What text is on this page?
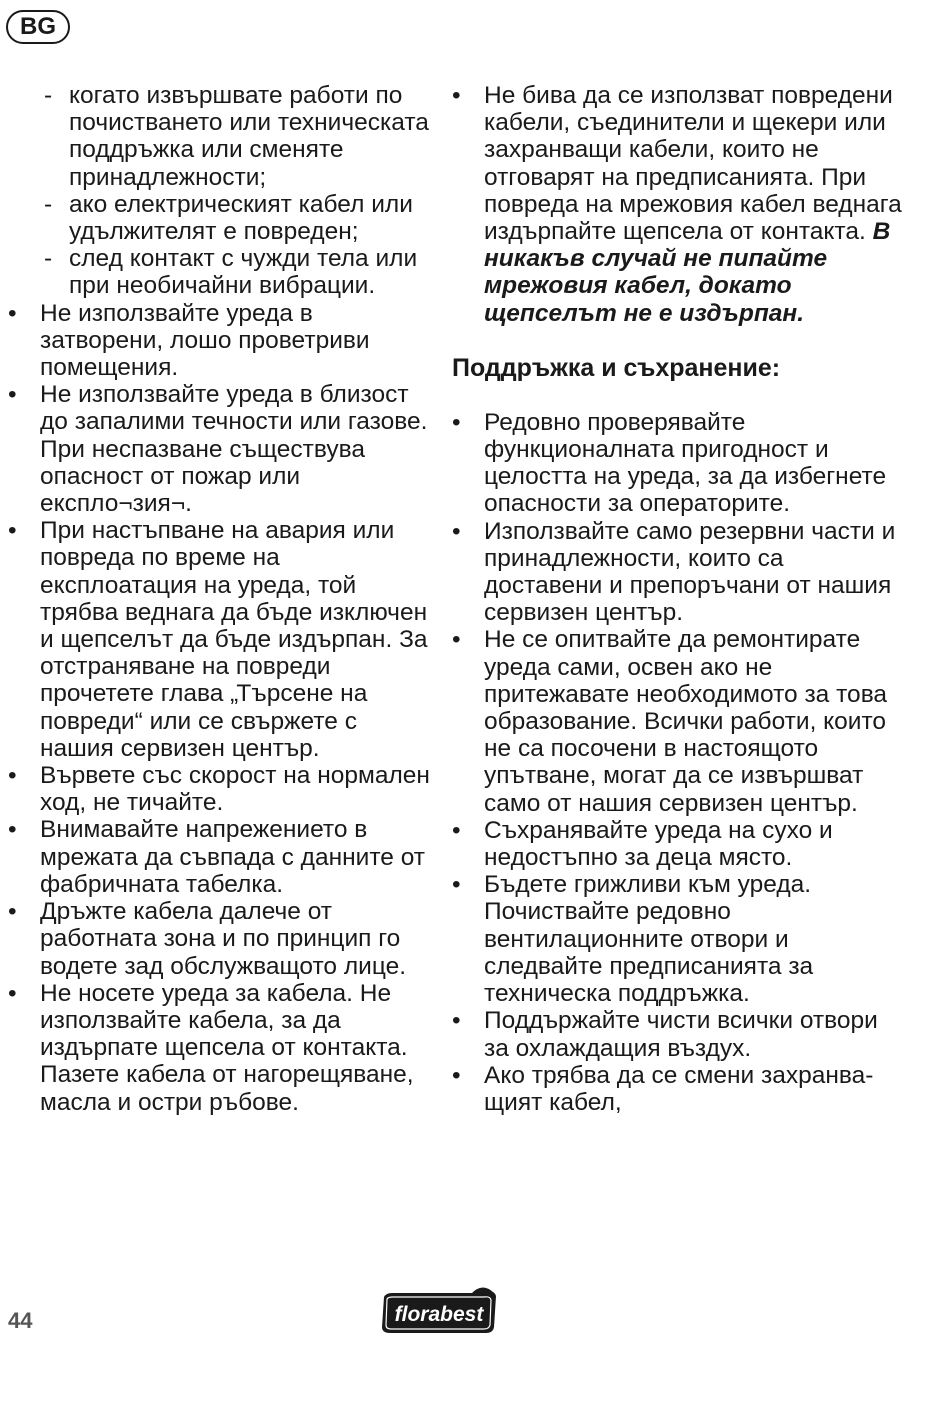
BG
- когато извършвате работи по почистването или техническата поддръжка или сменяте принадлежности;
- ако електрическият кабел или удължителят е повреден;
- след контакт с чужди тела или при необичайни вибрации.
• Не използвайте уреда в затворени, лошо проветриви помещения.
• Не използвайте уреда в близост до запалими течности или газове. При неспазване съществува опасност от пожар или експло¬зия¬.
• При настъпване на авария или повреда по време на експлоатация на уреда, той трябва веднага да бъде изключен и щепселът да бъде издърпан. За отстраняване на повреди прочетете глава „Търсене на повреди“ или се свържете с нашия сервизен център.
• Вървете със скорост на нормален ход, не тичайте.
• Внимавайте напрежението в мрежата да съвпада с данните от фабричната табелка.
• Дръжте кабела далече от работната зона и по принцип го водете зад обслужващото лице.
• Не носете уреда за кабела. Не използвайте кабела, за да издърпате щепсела от контакта. Пазете кабела от нагорещяване, масла и остри ръбове.
• Не бива да се използват повредени кабели, съединители и щекери или захранващи кабели, които не отговарят на предписанията. При повреда на мрежовия кабел веднага издърпайте щепсела от контакта. В никакъв случай не пипайте мрежовия кабел, докато щепселът не е издърпан.
Поддръжка и съхранение:
• Редовно проверявайте функционалната пригодност и целостта на уреда, за да избегнете опасности за операторите.
• Използвайте само резервни части и принадлежности, които са доставени и препоръчани от нашия сервизен център.
• Не се опитвайте да ремонтирате уреда сами, освен ако не притежавате необходимото за това образование. Всички работи, които не са посочени в настоящото упътване, могат да се извършват само от нашия сервизен център.
• Съхранявайте уреда на сухо и недостъпно за деца място.
• Бъдете грижливи към уреда. Почиствайте редовно вентилационните отвори и следвайте предписанията за техническа поддръжка.
• Поддържайте чисти всички отвори за охлаждащия въздух.
• Ако трябва да се смени захранва-щият кабел,
44	florabest
